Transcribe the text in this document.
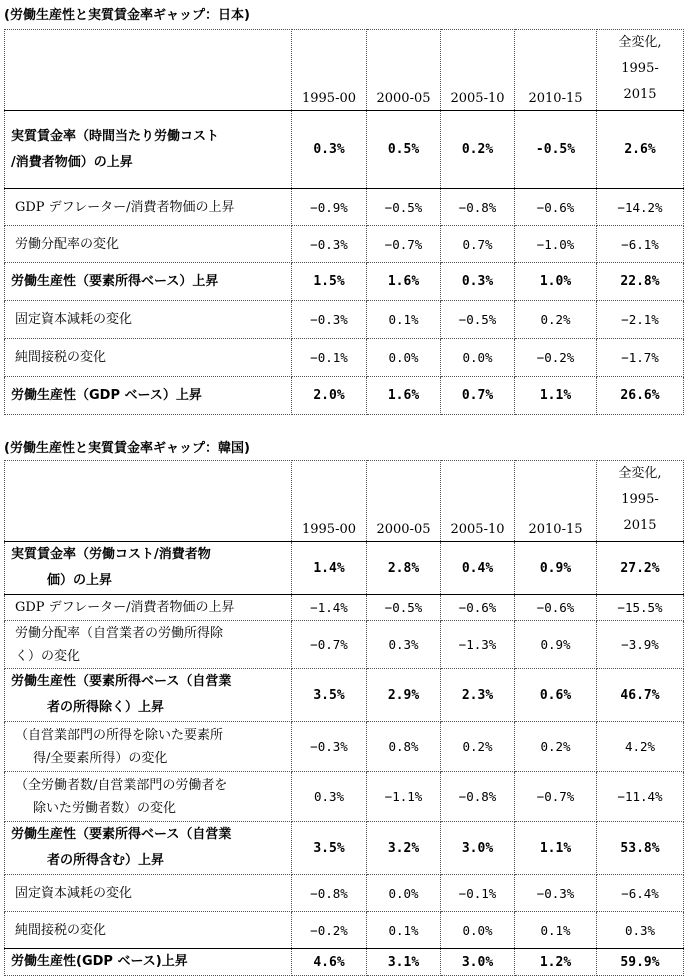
(労働生産性と実質賃金率ギャップ：日本)
	1995-00	2000-05	2005-10	2010-15	全変化,
1995-
2015

実質賃金率（時間当たり労働コスト
/消費者物価）の上昇	0.3%	0.5%	0.2%	-0.5%	2.6%
GDP デフレーター/消費者物価の上昇	−0.9%	−0.5%	−0.8%	−0.6%	−14.2%
労働分配率の変化	−0.3%	−0.7%	0.7%	−1.0%	−6.1%
労働生産性（要素所得ベース）上昇	1.5%	1.6%	0.3%	1.0%	22.8%
固定資本減耗の変化	−0.3%	0.1%	−0.5%	0.2%	−2.1%
純間接税の変化	−0.1%	0.0%	0.0%	−0.2%	−1.7%
労働生産性（GDP ベース）上昇	2.0%	1.6%	0.7%	1.1%	26.6%
(労働生産性と実質賃金率ギャップ：韓国)
	1995-00	2000-05	2005-10	2010-15	全変化,
1995-
2015

実質賃金率（労働コスト/消費者物
価）の上昇	1.4%	2.8%	0.4%	0.9%	27.2%
GDP デフレーター/消費者物価の上昇	−1.4%	−0.5%	−0.6%	−0.6%	−15.5%

労働分配率（自営業者の労働所得除
く）の変化	−0.7%	0.3%	−1.3%	0.9%	−3.9%

労働生産性（要素所得ベース（自営業
者の所得除く）上昇	3.5%	2.9%	2.3%	0.6%	46.7%

（自営業部門の所得を除いた要素所
得/全要素所得）の変化	−0.3%	0.8%	0.2%	0.2%	4.2%

（全労働者数/自営業部門の労働者を
除いた労働者数）の変化	0.3%	−1.1%	−0.8%	−0.7%	−11.4%

労働生産性（要素所得ベース（自営業
者の所得含む）上昇	3.5%	3.2%	3.0%	1.1%	53.8%
固定資本減耗の変化	−0.8%	0.0%	−0.1%	−0.3%	−6.4%
純間接税の変化	−0.2%	0.1%	0.0%	0.1%	0.3%
労働生産性(GDP ベース)上昇	4.6%	3.1%	3.0%	1.2%	59.9%
